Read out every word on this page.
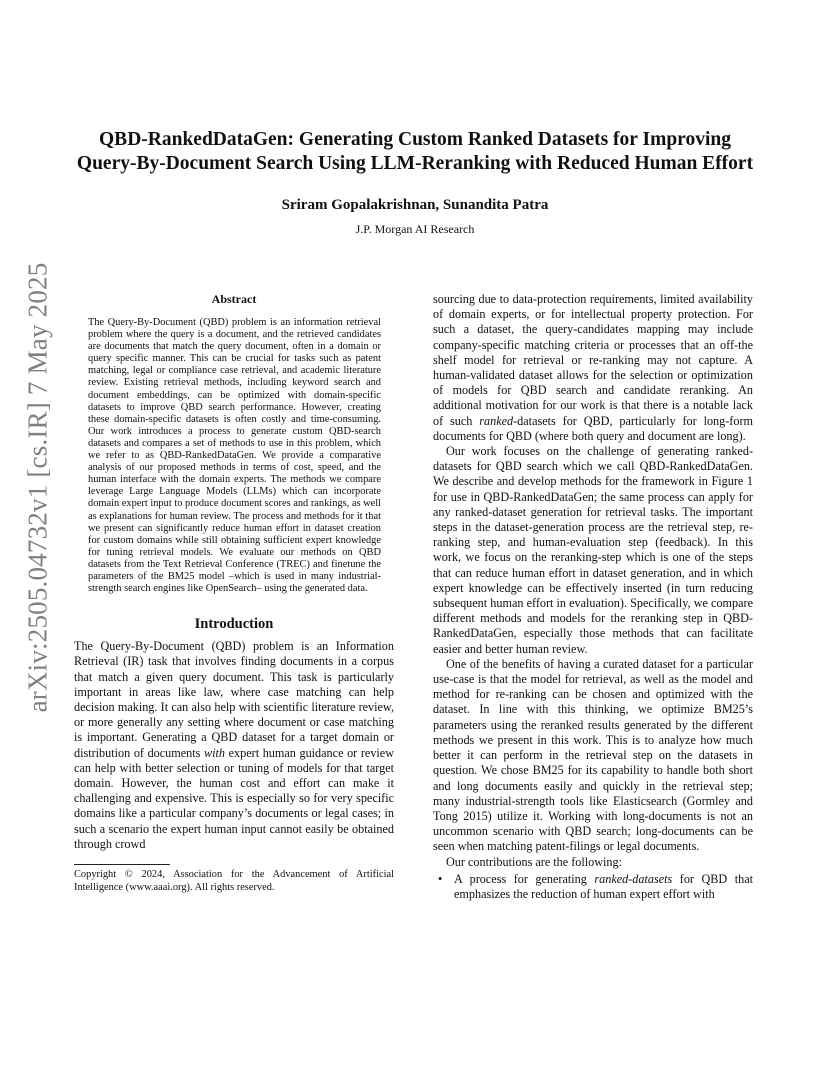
arXiv:2505.04732v1 [cs.IR] 7 May 2025
QBD-RankedDataGen: Generating Custom Ranked Datasets for Improving
Query-By-Document Search Using LLM-Reranking with Reduced Human Effort
Sriram Gopalakrishnan, Sunandita Patra
J.P. Morgan AI Research
Abstract

The Query-By-Document (QBD) problem is an information retrieval problem where the query is a document, and the retrieved candidates are documents that match the query document, often in a domain or query specific manner. This can be crucial for tasks such as patent matching, legal or compliance case retrieval, and academic literature review. Existing retrieval methods, including keyword search and document embeddings, can be optimized with domain-specific datasets to improve QBD search performance. However, creating these domain-specific datasets is often costly and time-consuming. Our work introduces a process to generate custom QBD-search datasets and compares a set of methods to use in this problem, which we refer to as QBD-RankedDataGen. We provide a comparative analysis of our proposed methods in terms of cost, speed, and the human interface with the domain experts. The methods we compare leverage Large Language Models (LLMs) which can incorporate domain expert input to produce document scores and rankings, as well as explanations for human review. The process and methods for it that we present can significantly reduce human effort in dataset creation for custom domains while still obtaining sufficient expert knowledge for tuning retrieval models. We evaluate our methods on QBD datasets from the Text Retrieval Conference (TREC) and finetune the parameters of the BM25 model –which is used in many industrial-strength search engines like OpenSearch– using the generated data.

Introduction

The Query-By-Document (QBD) problem is an Information Retrieval (IR) task that involves finding documents in a corpus that match a given query document. This task is particularly important in areas like law, where case matching can help decision making. It can also help with scientific literature review, or more generally any setting where document or case matching is important. Generating a QBD dataset for a target domain or distribution of documents with expert human guidance or review can help with better selection or tuning of models for that target domain. However, the human cost and effort can make it challenging and expensive. This is especially so for very specific domains like a particular company’s documents or legal cases; in such a scenario the expert human input cannot easily be obtained through crowd

Copyright © 2024, Association for the Advancement of Artificial Intelligence (www.aaai.org). All rights reserved.

sourcing due to data-protection requirements, limited availability of domain experts, or for intellectual property protection. For such a dataset, the query-candidates mapping may include company-specific matching criteria or processes that an off-the shelf model for retrieval or re-ranking may not capture. A human-validated dataset allows for the selection or optimization of models for QBD search and candidate reranking. An additional motivation for our work is that there is a notable lack of such ranked-datasets for QBD, particularly for long-form documents for QBD (where both query and document are long).

Our work focuses on the challenge of generating ranked-datasets for QBD search which we call QBD-RankedDataGen. We describe and develop methods for the framework in Figure 1 for use in QBD-RankedDataGen; the same process can apply for any ranked-dataset generation for retrieval tasks. The important steps in the dataset-generation process are the retrieval step, re-ranking step, and human-evaluation step (feedback). In this work, we focus on the reranking-step which is one of the steps that can reduce human effort in dataset generation, and in which expert knowledge can be effectively inserted (in turn reducing subsequent human effort in evaluation). Specifically, we compare different methods and models for the reranking step in QBD-RankedDataGen, especially those methods that can facilitate easier and better human review.

One of the benefits of having a curated dataset for a particular use-case is that the model for retrieval, as well as the model and method for re-ranking can be chosen and optimized with the dataset. In line with this thinking, we optimize BM25’s parameters using the reranked results generated by the different methods we present in this work. This is to analyze how much better it can perform in the retrieval step on the datasets in question. We chose BM25 for its capability to handle both short and long documents easily and quickly in the retrieval step; many industrial-strength tools like Elasticsearch (Gormley and Tong 2015) utilize it. Working with long-documents is not an uncommon scenario with QBD search; long-documents can be seen when matching patent-filings or legal documents.

Our contributions are the following:

• A process for generating ranked-datasets for QBD that emphasizes the reduction of human expert effort with
